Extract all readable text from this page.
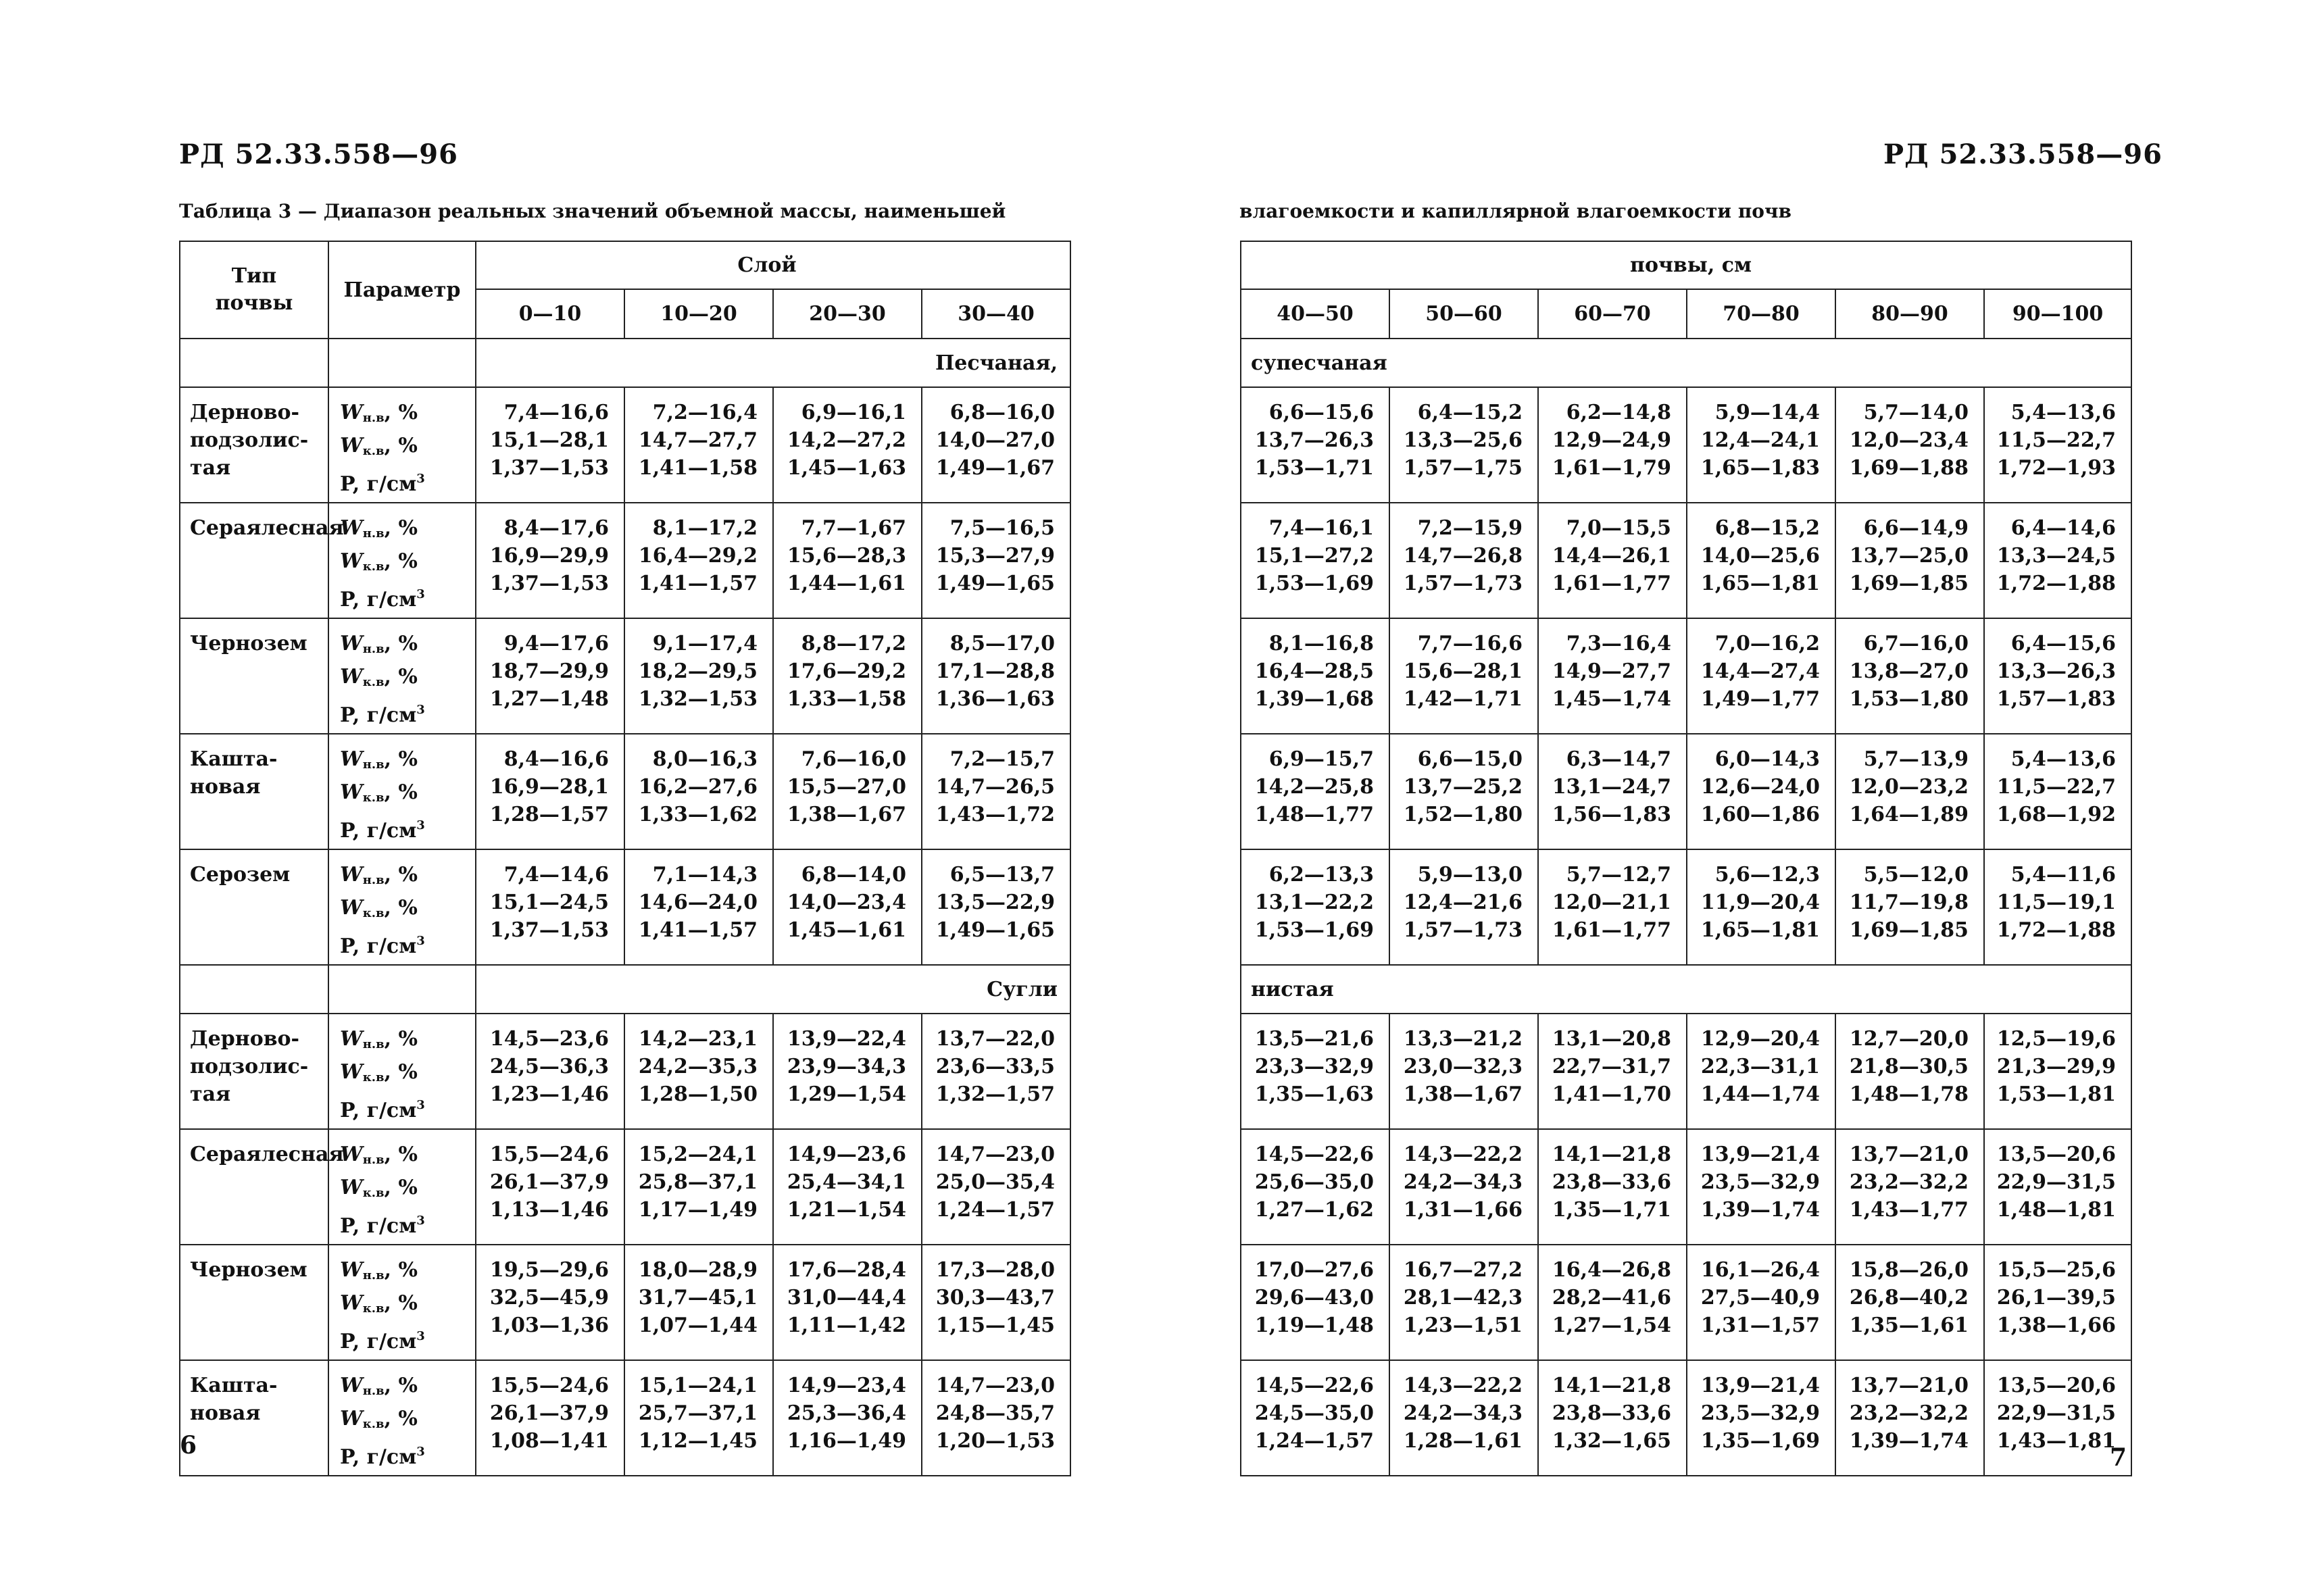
РД 52.33.558—96
Таблица 3 — Диапазон реальных значений объемной массы, наименьшей
Тип
почвы	Параметр	Слой			
		0—10	10—20	20—30	30—40
		Песчаная,			
Дерново-подзолис-тая	$W_{н.в}$, %
$W_{к.в}$, %
P, $г/см^3$	7,4—16,6
15,1—28,1
1,37—1,53	7,2—16,4
14,7—27,7
1,41—1,58	6,9—16,1
14,2—27,2
1,45—1,63	6,8—16,0
14,0—27,0
1,49—1,67

Сераялесная	$W_{н.в}$, %
$W_{к.в}$, %
P, $г/см^3$	8,4—17,6
16,9—29,9
1,37—1,53	8,1—17,2
16,4—29,2
1,41—1,57	7,7—1,67
15,6—28,3
1,44—1,61	7,5—16,5
15,3—27,9
1,49—1,65

Чернозем	$W_{н.в}$, %
$W_{к.в}$, %
P, $г/см^3$	9,4—17,6
18,7—29,9
1,27—1,48	9,1—17,4
18,2—29,5
1,32—1,53	8,8—17,2
17,6—29,2
1,33—1,58	8,5—17,0
17,1—28,8
1,36—1,63

Кашта-новая	$W_{н.в}$, %
$W_{к.в}$, %
P, $г/см^3$	8,4—16,6
16,9—28,1
1,28—1,57	8,0—16,3
16,2—27,6
1,33—1,62	7,6—16,0
15,5—27,0
1,38—1,67	7,2—15,7
14,7—26,5
1,43—1,72

Серозем	$W_{н.в}$, %
$W_{к.в}$, %
P, $г/см^3$	7,4—14,6
15,1—24,5
1,37—1,53	7,1—14,3
14,6—24,0
1,41—1,57	6,8—14,0
14,0—23,4
1,45—1,61	6,5—13,7
13,5—22,9
1,49—1,65

		Сугли			
Дерново-подзолис-тая	$W_{н.в}$, %
$W_{к.в}$, %
P, $г/см^3$	14,5—23,6
24,5—36,3
1,23—1,46	14,2—23,1
24,2—35,3
1,28—1,50	13,9—22,4
23,9—34,3
1,29—1,54	13,7—22,0
23,6—33,5
1,32—1,57

Сераялесная	$W_{н.в}$, %
$W_{к.в}$, %
P, $г/см^3$	15,5—24,6
26,1—37,9
1,13—1,46	15,2—24,1
25,8—37,1
1,17—1,49	14,9—23,6
25,4—34,1
1,21—1,54	14,7—23,0
25,0—35,4
1,24—1,57

Чернозем	$W_{н.в}$, %
$W_{к.в}$, %
P, $г/см^3$	19,5—29,6
32,5—45,9
1,03—1,36	18,0—28,9
31,7—45,1
1,07—1,44	17,6—28,4
31,0—44,4
1,11—1,42	17,3—28,0
30,3—43,7
1,15—1,45

Кашта-новая	$W_{н.в}$, %
$W_{к.в}$, %
P, $г/см^3$	15,5—24,6
26,1—37,9
1,08—1,41	15,1—24,1
25,7—37,1
1,12—1,45	14,9—23,4
25,3—36,4
1,16—1,49	14,7—23,0
24,8—35,7
1,20—1,53
6
РД 52.33.558—96
влагоемкости и капиллярной влагоемкости почв
почвы, см					
40—50	50—60	60—70	70—80	80—90	90—100
супесчаная					

6,6—15,6
13,7—26,3
1,53—1,71	6,4—15,2
13,3—25,6
1,57—1,75	6,2—14,8
12,9—24,9
1,61—1,79	5,9—14,4
12,4—24,1
1,65—1,83	5,7—14,0
12,0—23,4
1,69—1,88	5,4—13,6
11,5—22,7
1,72—1,93

7,4—16,1
15,1—27,2
1,53—1,69	7,2—15,9
14,7—26,8
1,57—1,73	7,0—15,5
14,4—26,1
1,61—1,77	6,8—15,2
14,0—25,6
1,65—1,81	6,6—14,9
13,7—25,0
1,69—1,85	6,4—14,6
13,3—24,5
1,72—1,88

8,1—16,8
16,4—28,5
1,39—1,68	7,7—16,6
15,6—28,1
1,42—1,71	7,3—16,4
14,9—27,7
1,45—1,74	7,0—16,2
14,4—27,4
1,49—1,77	6,7—16,0
13,8—27,0
1,53—1,80	6,4—15,6
13,3—26,3
1,57—1,83

6,9—15,7
14,2—25,8
1,48—1,77	6,6—15,0
13,7—25,2
1,52—1,80	6,3—14,7
13,1—24,7
1,56—1,83	6,0—14,3
12,6—24,0
1,60—1,86	5,7—13,9
12,0—23,2
1,64—1,89	5,4—13,6
11,5—22,7
1,68—1,92

6,2—13,3
13,1—22,2
1,53—1,69	5,9—13,0
12,4—21,6
1,57—1,73	5,7—12,7
12,0—21,1
1,61—1,77	5,6—12,3
11,9—20,4
1,65—1,81	5,5—12,0
11,7—19,8
1,69—1,85	5,4—11,6
11,5—19,1
1,72—1,88

нистая					

13,5—21,6
23,3—32,9
1,35—1,63	13,3—21,2
23,0—32,3
1,38—1,67	13,1—20,8
22,7—31,7
1,41—1,70	12,9—20,4
22,3—31,1
1,44—1,74	12,7—20,0
21,8—30,5
1,48—1,78	12,5—19,6
21,3—29,9
1,53—1,81

14,5—22,6
25,6—35,0
1,27—1,62	14,3—22,2
24,2—34,3
1,31—1,66	14,1—21,8
23,8—33,6
1,35—1,71	13,9—21,4
23,5—32,9
1,39—1,74	13,7—21,0
23,2—32,2
1,43—1,77	13,5—20,6
22,9—31,5
1,48—1,81

17,0—27,6
29,6—43,0
1,19—1,48	16,7—27,2
28,1—42,3
1,23—1,51	16,4—26,8
28,2—41,6
1,27—1,54	16,1—26,4
27,5—40,9
1,31—1,57	15,8—26,0
26,8—40,2
1,35—1,61	15,5—25,6
26,1—39,5
1,38—1,66

14,5—22,6
24,5—35,0
1,24—1,57	14,3—22,2
24,2—34,3
1,28—1,61	14,1—21,8
23,8—33,6
1,32—1,65	13,9—21,4
23,5—32,9
1,35—1,69	13,7—21,0
23,2—32,2
1,39—1,74	13,5—20,6
22,9—31,5
1,43—1,81
7
